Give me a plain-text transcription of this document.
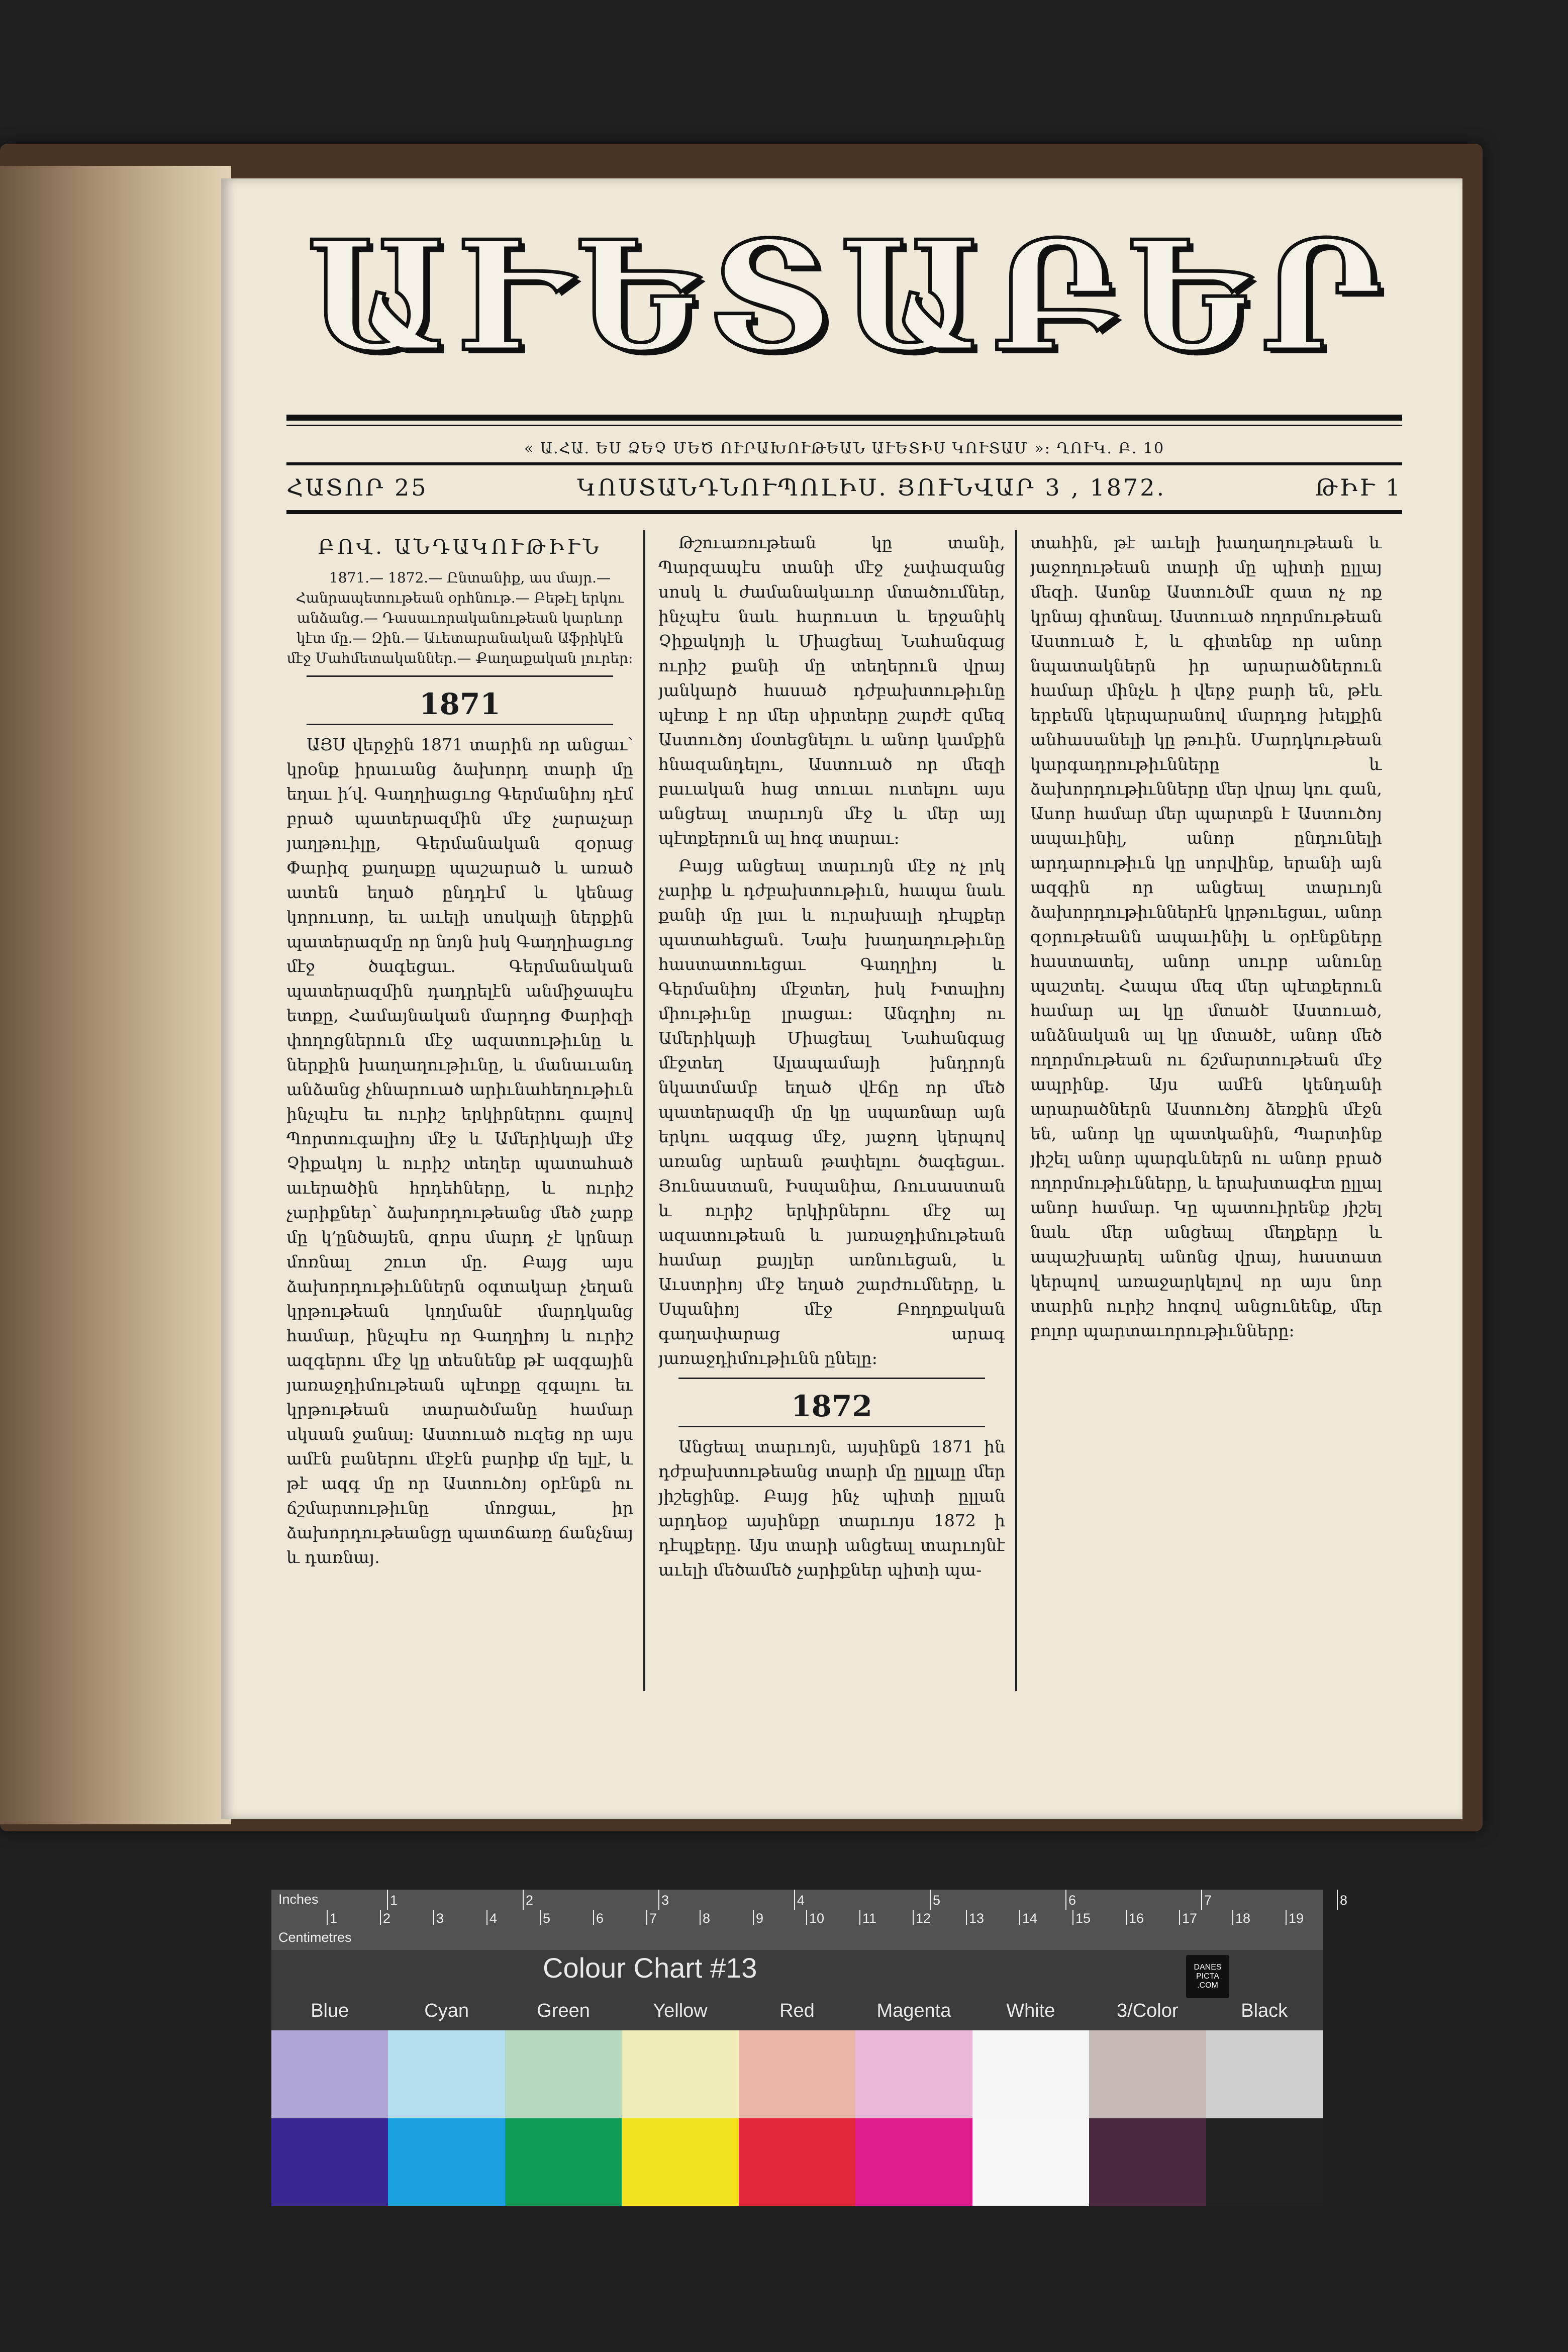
Ա Ւ Ե Տ Ա Բ Ե Ր
« Ա.ՀԱ. ԵՍ ՁԵՉ ՄԵԾ ՈՒՐԱԽՈՒԹԵԱՆ ԱՒԵՏԻՍ ԿՈՒՏԱՄ »: ՂՈՒԿ. Բ. 10
ՀԱՏՈՐ 25	ԿՈՍՏԱՆԴՆՈՒՊՈԼԻՍ. ՅՈՒՆՎԱՐ 3 , 1872.	ԹԻՒ 1
ԲՈՎ. ԱՆԴԱԿՈՒԹԻՒՆ

1871.— 1872.— Ընտանիք, աս մայր.— Հանրապետութեան օրհնութ.— Բեթէլ երկու անձանց.— Դասաւորականութեան կարևոր կէտ մը.— Զին.— Աւետարանական Աֆրիկէն մէջ Մահմետականներ.— Քաղաքական լուրեր:

1871

ԱՅՍ վերջին 1871 տարին որ անցաւ՝ կրօնք իրաւանց ձախորդ տարի մը եղաւ ի՛վ. Գաղղիացւոց Գերմանիոյ դէմ բրած պատերազմին մէջ չարաչար յաղթուիլը, Գերմանական զօրաց Փարիզ քաղաքը պաշարած և առած ատեն եղած ընդդէմ և կենաց կորուսոր, եւ աւելի սոսկալի ներքին պատերազմը որ նոյն իսկ Գաղղիացւոց մէջ ծագեցաւ. Գերմանական պատերազմին դադրելէն անմիջապէս ետքը, Համայնական մարդոց Փարիզի փողոցներուն մէջ ազատութիւնը և ներքին խաղաղութիւնը, և մանաւանդ անձանց չհնարուած արիւնահեղութիւն ինչպէս եւ ուրիշ երկիրներու գալով Պորտուգալիոյ մէջ և Ամերիկայի մէջ Չիքակոյ և ուրիշ տեղեր պատահած աւերածին հրդեհները, և ուրիշ չարիքներ՝ ձախորդութեանց մեծ չարք մը կ՚ընծայեն, զորս մարդ չէ կրնար մոռնալ շուտ մը. Բայց այս ձախորդութիւններն օգտակար չեղան կրթութեան կողմանէ մարդկանց համար, ինչպէս որ Գաղղիոյ և ուրիշ ազգերու մէջ կը տեսնենք թէ ազգային յառաջդիմութեան պէտքը զգալու եւ կրթութեան տարածմանը համար սկսան ջանալ։ Աստուած ուզեց որ այս ամէն բաներու մէջէն բարիք մը ելլէ, և թէ ազգ մը որ Աստուծոյ օրէնքն ու ճշմարտութիւնը մոռցաւ, իր ձախորդութեանցը պատճառը ճանչնայ և դառնայ․

Թշուառութեան կը տանի, Պարզապէս տանի մէջ չափազանց սոսկ և ժամանակաւոր մտածումներ, ինչպէս նաև հարուստ և երջանիկ Չիքակոյի և Միացեալ Նահանգաց ուրիշ քանի մը տեղերուն վրայ յանկարծ հասած դժբախտութիւնը պէտք է որ մեր սիրտերը շարժէ զմեզ Աստուծոյ մօտեցնելու և անոր կամքին հնազանդելու, Աստուած որ մեզի բաւական հաց տուաւ ուտելու այս անցեալ տարւոյն մէջ և մեր այլ պէտքերուն ալ հոգ տարաւ։

Բայց անցեալ տարւոյն մէջ ոչ լոկ չարիք և դժբախտութիւն, հապա նաև քանի մը լաւ և ուրախալի դէպքեր պատահեցան․ Նախ խաղաղութիւնը հաստատուեցաւ Գաղղիոյ և Գերմանիոյ մէջտեղ, իսկ Իտալիոյ միութիւնը լրացաւ։ Անգղիոյ ու Ամերիկայի Միացեալ Նահանգաց մէջտեղ Ալապամայի խնդրոյն նկատմամբ եղած վէճը որ մեծ պատերազմի մը կը սպառնար այն երկու ազգաց մէջ, յաջող կերպով առանց արեան թափելու ծագեցաւ. Յունաստան, Իսպանիա, Ռուսաստան և ուրիշ երկիրներու մէջ ալ ազատութեան և յառաջդիմութեան համար քայլեր առնուեցան, և Աւստրիոյ մէջ եղած շարժումները, և Սպանիոյ մէջ Բողոքական գաղափարաց արագ յառաջդիմութիւնն ընելը։

1872

Անցեալ տարւոյն, այսինքն 1871 ին դժբախտութեանց տարի մը ըլլալը մեր յիշեցինք․ Բայց ինչ պիտի ըլլան արդեօք այսինքր տարւոյս 1872 ի դէպքերը․ Այս տարի անցեալ տարւոյնէ աւելի մեծամեծ չարիքներ պիտի պա-

տահին, թէ աւելի խաղաղութեան և յաջողութեան տարի մը պիտի ըլլայ մեզի․ Ասոնք Աստուծմէ զատ ոչ ոք կրնայ գիտնալ. Աստուած ողորմութեան Աստուած է, և գիտենք որ անոր նպատակներն իր արարածներուն համար մինչև ի վերջ բարի են, թէև երբեմն կերպարանով մարդոց խելքին անհասանելի կը թուին. Մարդկութեան կարգադրութիւնները և ձախորդութիւնները մեր վրայ կու գան, Ասոր համար մեր պարտքն է Աստուծոյ ապաւինիլ, անոր ընդունելի արդարութիւն կը սորվինք, երանի այն ազգին որ անցեալ տարւոյն ձախորդութիւններէն կրթուեցաւ, անոր զօրութեանն ապաւինիլ և օրէնքները հաստատել, անոր սուրբ անունը պաշտել. Հապա մեզ մեր պէտքերուն համար ալ կը մտածէ Աստուած, անձնական ալ կը մտածէ, անոր մեծ ողորմութեան ու ճշմարտութեան մէջ ապրինք․ Այս ամէն կենդանի արարածներն Աստուծոյ ձեռքին մէջն են, անոր կը պատկանին, Պարտինք յիշել անոր պարգևներն ու անոր բրած ողորմութիւնները, և երախտագէտ ըլլալ անոր համար. Կը պատուիրենք յիշել նաև մեր անցեալ մեղքերը և ապաշխարել անոնց վրայ, հաստատ կերպով առաջարկելով որ այս նոր տարին ուրիշ հոգով անցունենք, մեր բոլոր պարտաւորութիւնները։

Inches
Centimetres
1	2	3	4	5	6	7	8
1	2	3	4	5	6	7	8	9	10	11	12	13	14	15	16	17	18	19
Colour Chart #13	DANES
PICTA
.COM
Blue	Cyan	Green	Yellow	Red	Magenta	White	3/Color	Black
